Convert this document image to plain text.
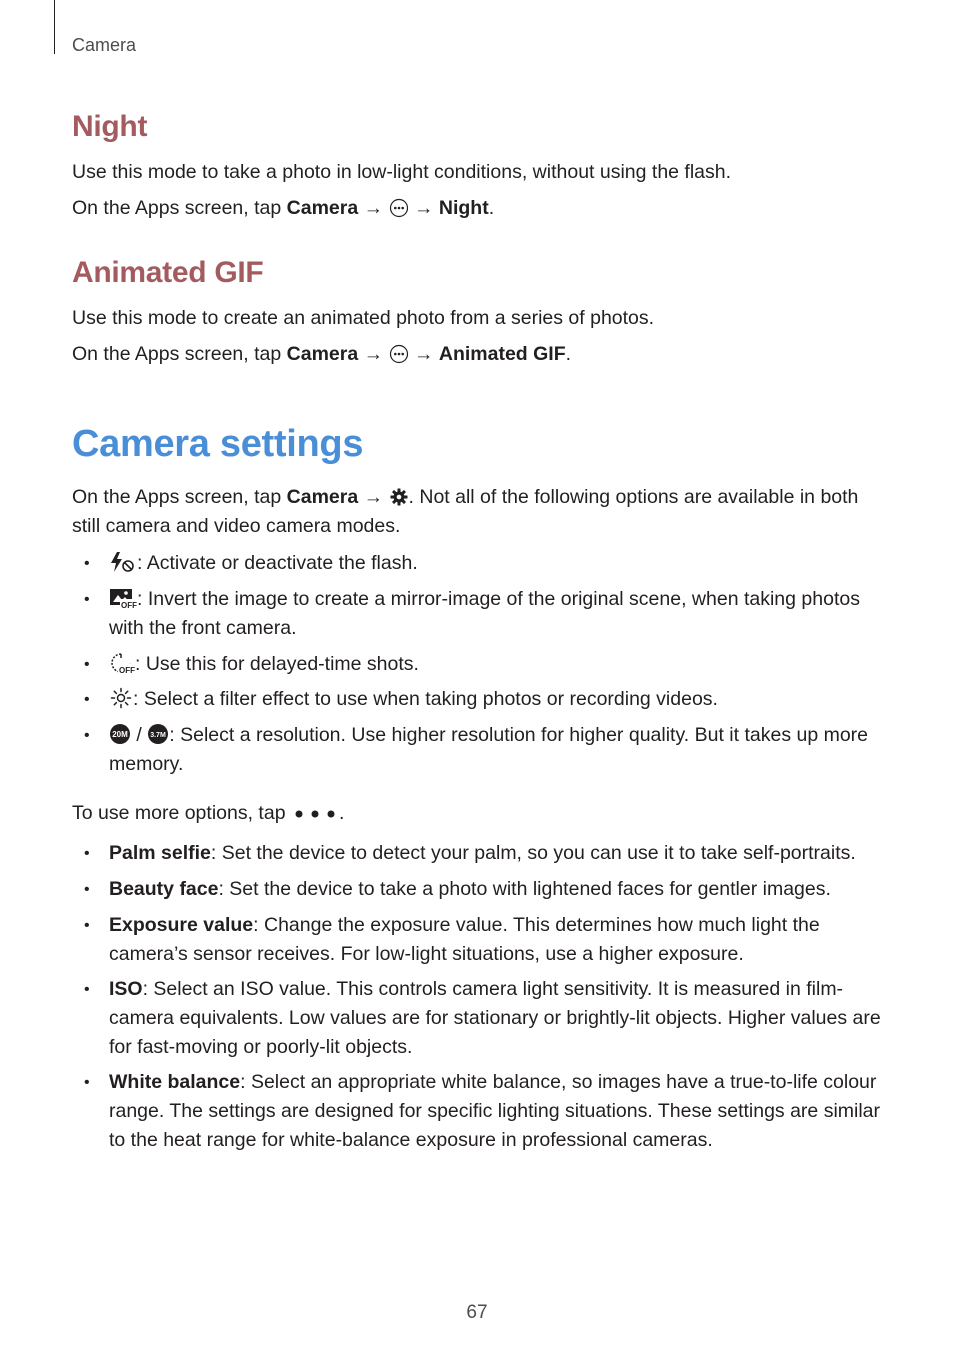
Camera
Night
Use this mode to take a photo in low-light conditions, without using the flash.
On the Apps screen, tap Camera → → Night.
Animated GIF
Use this mode to create an animated photo from a series of photos.
On the Apps screen, tap Camera → → Animated GIF.
Camera settings
On the Apps screen, tap Camera → . Not all of the following options are available in both
still camera and video camera modes.
•	: Activate or deactivate the flash.
•	OFF : Invert the image to create a mirror-image of the original scene, when taking photos
with the front camera.
•	OFF : Use this for delayed-time shots.
•	: Select a filter effect to use when taking photos or recording videos.
•	20M / 3.7M : Select a resolution. Use higher resolution for higher quality. But it takes up more
memory.
To use more options, tap .
• Palm selfie: Set the device to detect your palm, so you can use it to take self-portraits.
• Beauty face: Set the device to take a photo with lightened faces for gentler images.
• Exposure value: Change the exposure value. This determines how much light the
camera’s sensor receives. For low-light situations, use a higher exposure.
• ISO: Select an ISO value. This controls camera light sensitivity. It is measured in film-
camera equivalents. Low values are for stationary or brightly-lit objects. Higher values are
for fast-moving or poorly-lit objects.
• White balance: Select an appropriate white balance, so images have a true-to-life colour
range. The settings are designed for specific lighting situations. These settings are similar
to the heat range for white-balance exposure in professional cameras.
67
